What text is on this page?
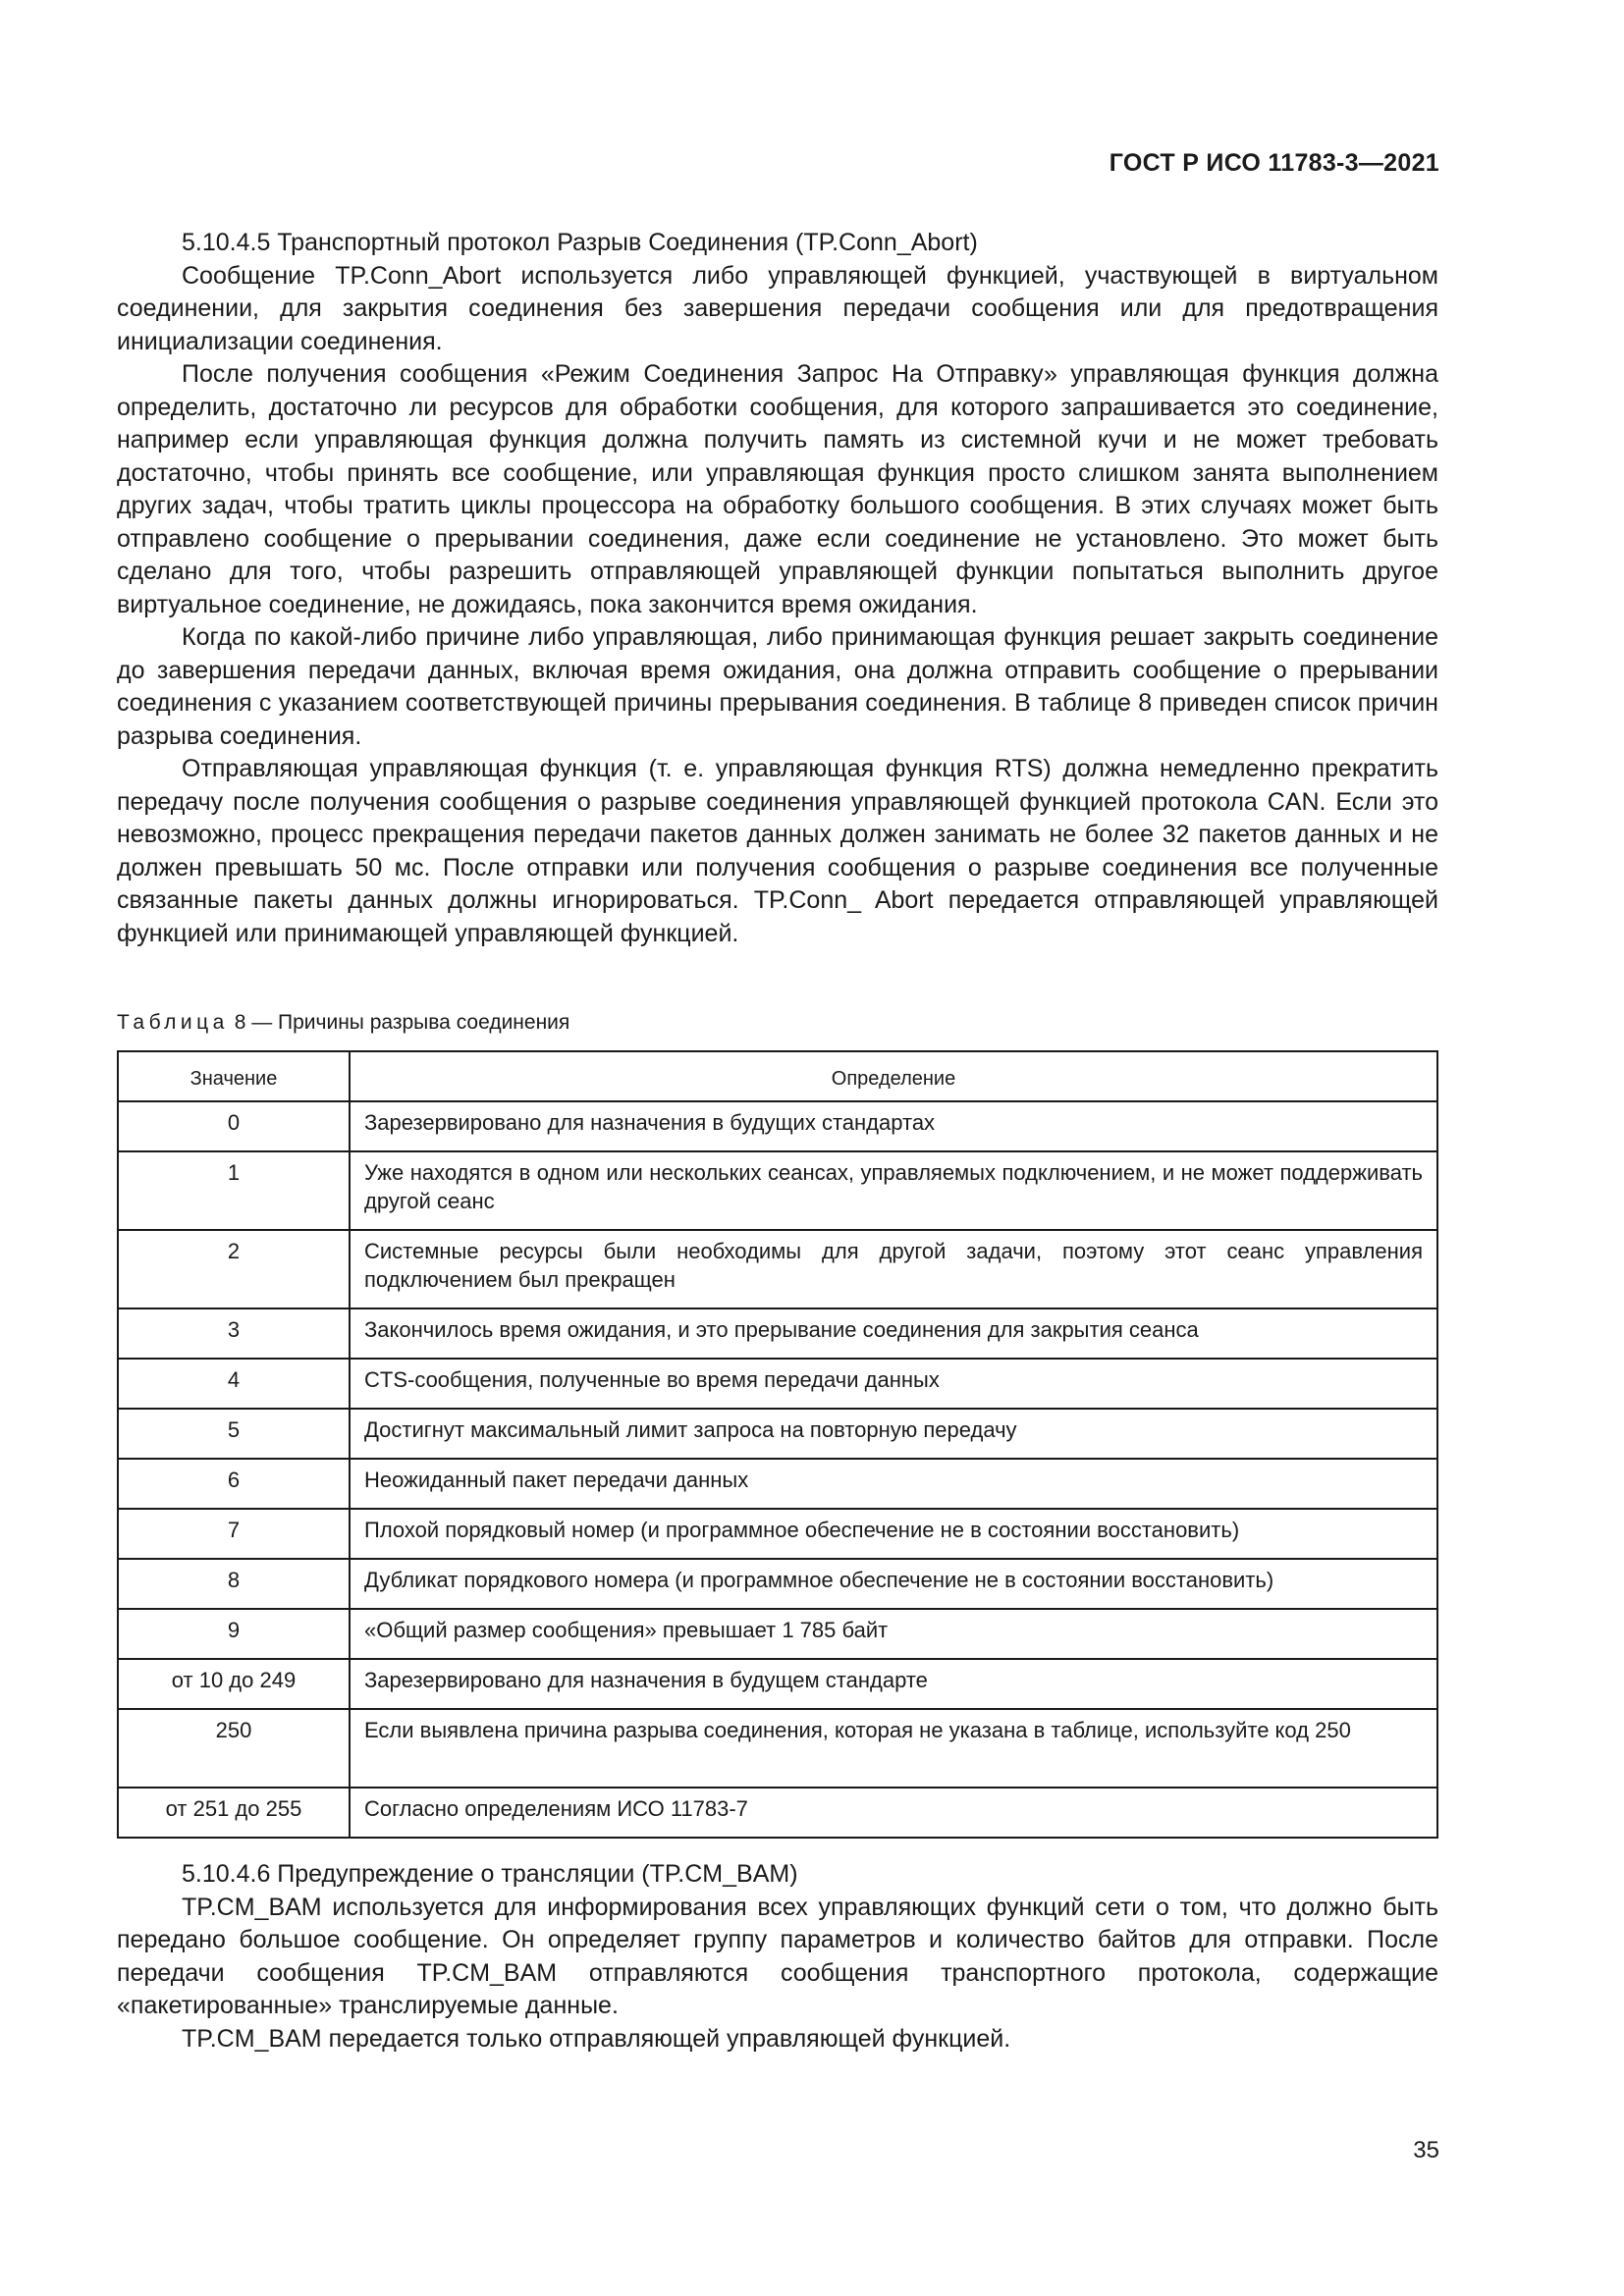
ГОСТ Р ИСО 11783-3—2021

5.10.4.5 Транспортный протокол Разрыв Соединения (TP.Conn_Abort)

Сообщение TP.Conn_Abort используется либо управляющей функцией, участвующей в виртуальном соединении, для закрытия соединения без завершения передачи сообщения или для предотвращения инициализации соединения.

После получения сообщения «Режим Соединения Запрос На Отправку» управляющая функция должна определить, достаточно ли ресурсов для обработки сообщения, для которого запрашивается это соединение, например если управляющая функция должна получить память из системной кучи и не может требовать достаточно, чтобы принять все сообщение, или управляющая функция просто слишком занята выполнением других задач, чтобы тратить циклы процессора на обработку большого сообщения. В этих случаях может быть отправлено сообщение о прерывании соединения, даже если соединение не установлено. Это может быть сделано для того, чтобы разрешить отправляющей управляющей функции попытаться выполнить другое виртуальное соединение, не дожидаясь, пока закончится время ожидания.

Когда по какой-либо причине либо управляющая, либо принимающая функция решает закрыть соединение до завершения передачи данных, включая время ожидания, она должна отправить сообщение о прерывании соединения с указанием соответствующей причины прерывания соединения. В таблице 8 приведен список причин разрыва соединения.

Отправляющая управляющая функция (т. е. управляющая функция RTS) должна немедленно прекратить передачу после получения сообщения о разрыве соединения управляющей функцией протокола CAN. Если это невозможно, процесс прекращения передачи пакетов данных должен занимать не более 32 пакетов данных и не должен превышать 50 мс. После отправки или получения сообщения о разрыве соединения все полученные связанные пакеты данных должны игнорироваться. TP.Conn_ Abort передается отправляющей управляющей функцией или принимающей управляющей функцией.

Таблица 8 — Причины разрыва соединения
Значение	Определение
0	Зарезервировано для назначения в будущих стандартах
1	Уже находятся в одном или нескольких сеансах, управляемых подключением, и не может поддерживать другой сеанс
2	Системные ресурсы были необходимы для другой задачи, поэтому этот сеанс управления подключением был прекращен
3	Закончилось время ожидания, и это прерывание соединения для закрытия сеанса
4	CTS-сообщения, полученные во время передачи данных
5	Достигнут максимальный лимит запроса на повторную передачу
6	Неожиданный пакет передачи данных
7	Плохой порядковый номер (и программное обеспечение не в состоянии восстановить)
8	Дубликат порядкового номера (и программное обеспечение не в состоянии восстановить)
9	«Общий размер сообщения» превышает 1 785 байт
от 10 до 249	Зарезервировано для назначения в будущем стандарте
250	Если выявлена причина разрыва соединения, которая не указана в таблице, используйте код 250
от 251 до 255	Согласно определениям ИСО 11783-7

5.10.4.6 Предупреждение о трансляции (TP.CM_BAM)

TP.CM_BAM используется для информирования всех управляющих функций сети о том, что должно быть передано большое сообщение. Он определяет группу параметров и количество байтов для отправки. После передачи сообщения TP.CM_BAM отправляются сообщения транспортного протокола, содержащие «пакетированные» транслируемые данные.

TP.CM_BAM передается только отправляющей управляющей функцией.

35
